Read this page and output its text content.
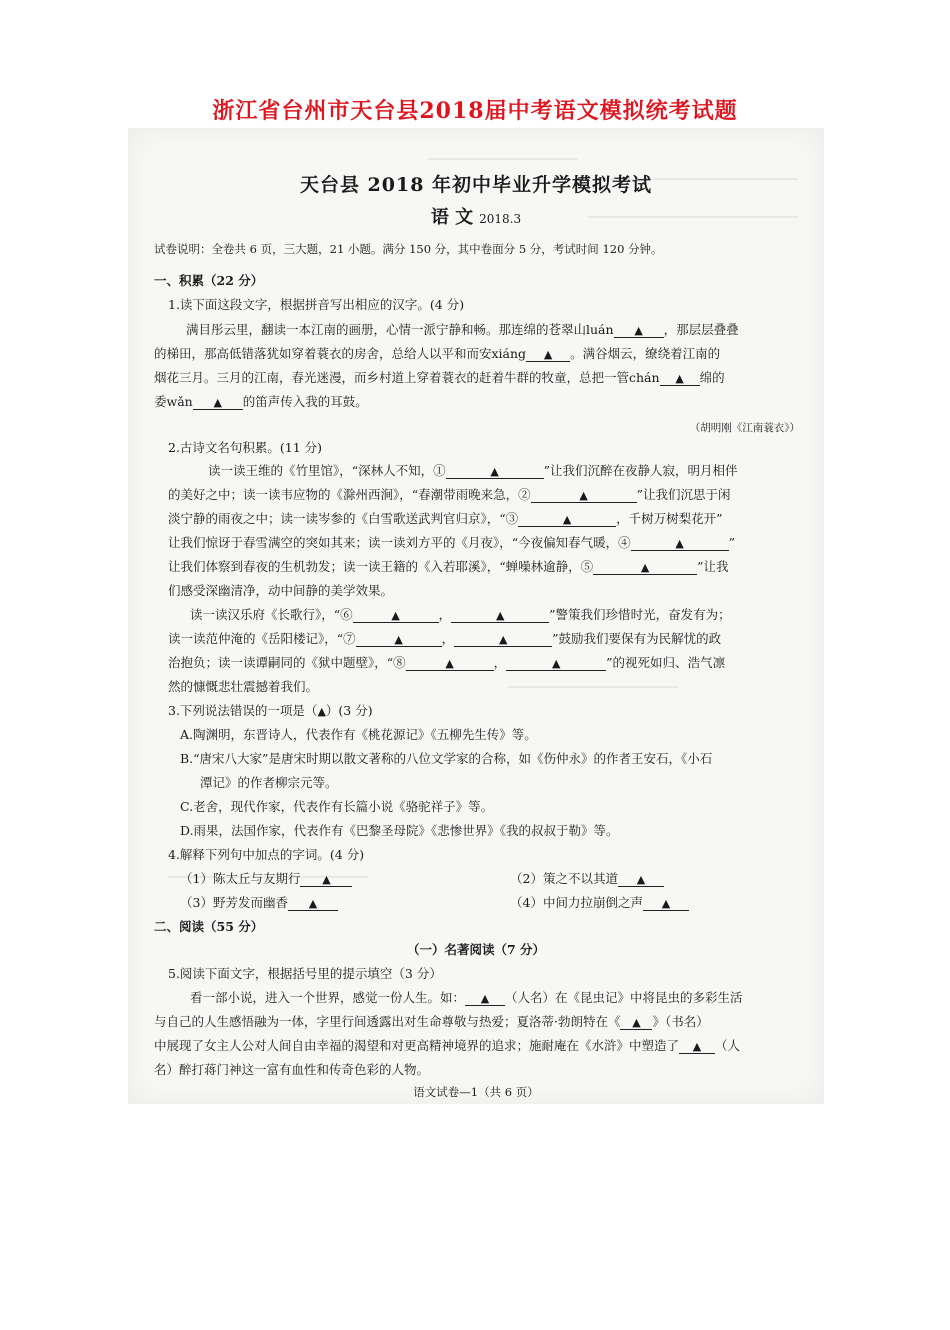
浙江省台州市天台县2018届中考语文模拟统考试题
天台县 2018 年初中毕业升学模拟考试
语 文 2018.3
试卷说明：全卷共 6 页，三大题，21 小题。满分 150 分，其中卷面分 5 分，考试时间 120 分钟。
一、积累（22 分）
1.读下面这段文字，根据拼音写出相应的汉字。(4 分)
满目彤云里，翻读一本江南的画册，心情一派宁静和畅。那连绵的苍翠山luán ▲ ，那层层叠叠
的梯田，那高低错落犹如穿着蓑衣的房舍，总给人以平和而安xiáng ▲ 。满谷烟云，缭绕着江南的
烟花三月。三月的江南，春光迷漫，而乡村道上穿着蓑衣的赶着牛群的牧童，总把一管chán ▲ 绵的
委wǎn ▲ 的笛声传入我的耳鼓。
（胡明刚《江南蓑衣》）
2.古诗文名句积累。(11 分)
读一读王维的《竹里馆》，“深林人不知，①	▲	”让我们沉醉在夜静人寂，明月相伴
的美好之中；读一读韦应物的《滁州西涧》，“春潮带雨晚来急，②	▲	”让我们沉思于闲
淡宁静的雨夜之中；读一读岑参的《白雪歌送武判官归京》，“③	▲	，千树万树梨花开”
让我们惊讶于春雪满空的突如其来；读一读刘方平的《月夜》，“今夜偏知春气暖，④	▲	”
让我们体察到春夜的生机勃发；读一读王籍的《入若耶溪》，“蝉噪林逾静，⑤	▲	”让我
们感受深幽清净，动中间静的美学效果。
读一读汉乐府《长歌行》，“⑥	▲	，	▲	”警策我们珍惜时光，奋发有为；
读一读范仲淹的《岳阳楼记》，“⑦	▲	，	▲	”鼓励我们要保有为民解忧的政
治抱负；读一读谭嗣同的《狱中题壁》，“⑧	▲	，	▲	”的视死如归、浩气凛
然的慷慨悲壮震撼着我们。
3.下列说法错误的一项是（▲）(3 分)
A.陶渊明，东晋诗人，代表作有《桃花源记》《五柳先生传》等。
B.“唐宋八大家”是唐宋时期以散文著称的八位文学家的合称，如《伤仲永》的作者王安石，《小石
潭记》的作者柳宗元等。
C.老舍，现代作家，代表作有长篇小说《骆驼祥子》等。
D.雨果，法国作家，代表作有《巴黎圣母院》《悲惨世界》《我的叔叔于勒》等。
4.解释下列句中加点的字词。(4 分)
（1）陈太丘与友期行 ▲	（2）策之不以其道 ▲
（3）野芳发而幽香 ▲	（4）中间力拉崩倒之声 ▲
二、阅读（55 分）
（一）名著阅读（7 分）
5.阅读下面文字，根据括号里的提示填空（3 分）
看一部小说，进入一个世界，感觉一份人生。如： ▲ （人名）在《昆虫记》中将昆虫的多彩生活
与自己的人生感悟融为一体，字里行间透露出对生命尊敬与热爱；夏洛蒂·勃朗特在《 ▲ 》（书名）
中展现了女主人公对人间自由幸福的渴望和对更高精神境界的追求；施耐庵在《水浒》中塑造了 ▲ （人
名）醉打蒋门神这一富有血性和传奇色彩的人物。
语文试卷—1（共 6 页）
